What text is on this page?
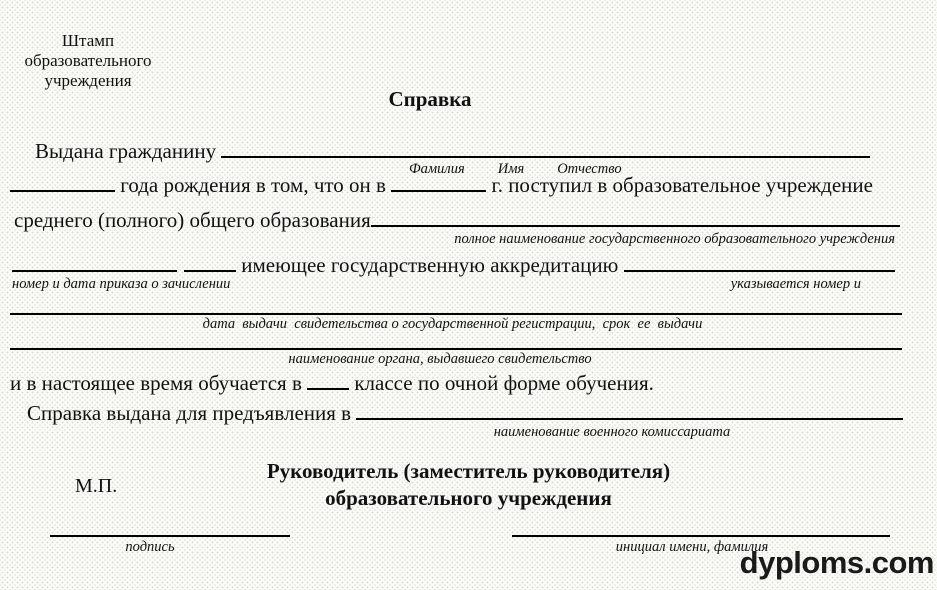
Штамп
образовательного
учреждения
Справка
Выдана гражданину
Фамилия Имя Отчество
года рождения в том, что он в	г. поступил в образовательное учреждение
среднего (полного) общего образования
полное наименование государственного образовательного учреждения
имеющее государственную аккредитацию
номер и дата приказа о зачислении	указывается номер и
дата  выдачи  свидетельства о государственной регистрации,  срок  ее  выдачи
наименование органа, выдавшего свидетельство
и в настоящее время обучается в классе по очной форме обучения.
Справка выдана для предъявления в
наименование военного комиссариата
Руководитель (заместитель руководителя)
образовательного учреждения
М.П.
подпись	инициал имени, фамилия
dyploms.com
